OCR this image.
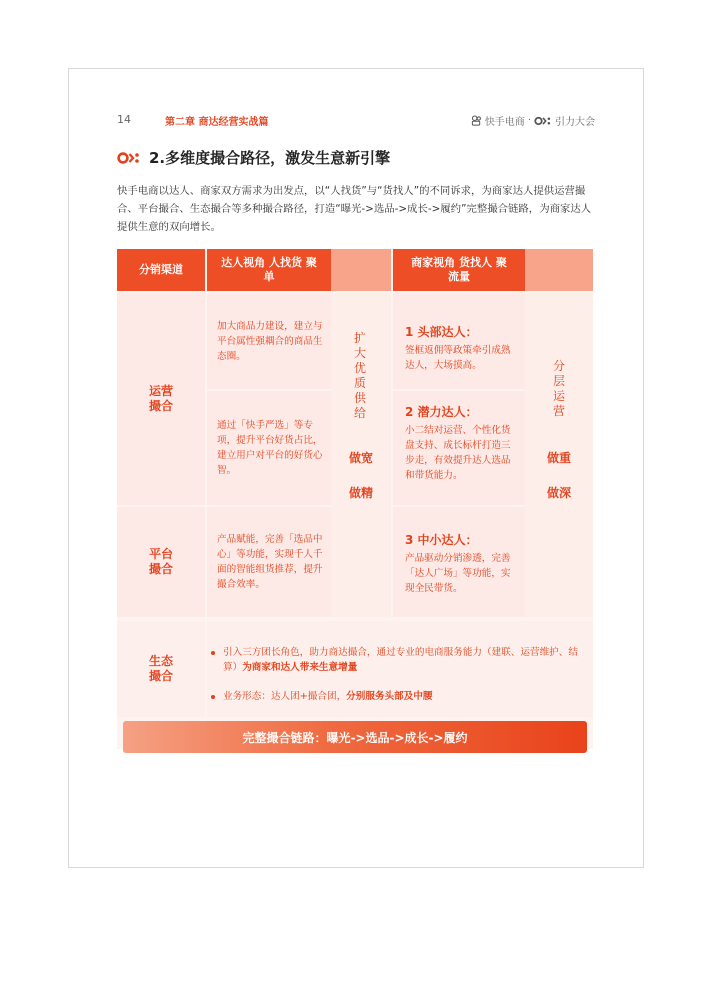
14	第二章 商达经营实战篇	快手电商 · 引力大会
2.多维度撮合路径，激发生意新引擎
快手电商以达人、商家双方需求为出发点，以“人找货”与“货找人”的不同诉求，为商家达人提供运营撮合、平台撮合、生态撮合等多种撮合路径，打造“曝光->选品->成长->履约”完整撮合链路，为商家达人提供生意的双向增长。
分销渠道
达人视角 人找货 聚单
商家视角 货找人 聚流量
运营撮合
平台撮合
生态撮合
加大商品力建设，建立与平台属性强耦合的商品生态圈。
通过「快手严选」等专项，提升平台好货占比，建立用户对平台的好货心智。
产品赋能，完善「选品中心」等功能，实现千人千面的智能组货推荐，提升撮合效率。
扩大优质供给
做宽
做精
1 头部达人：
签框返佣等政策牵引成熟达人，大场摸高。
2 潜力达人：
小二结对运营、个性化货盘支持、成长标杆打造三步走，有效提升达人选品和带货能力。
3 中小达人：
产品驱动分销渗透，完善「达人广场」等功能，实现全民带货。
分层运营
做重
做深
引入三方团长角色，助力商达撮合，通过专业的电商服务能力（建联、运营维护、结算）为商家和达人带来生意增量
业务形态：达人团+撮合团，分别服务头部及中腰
完整撮合链路：曝光->选品->成长->履约
